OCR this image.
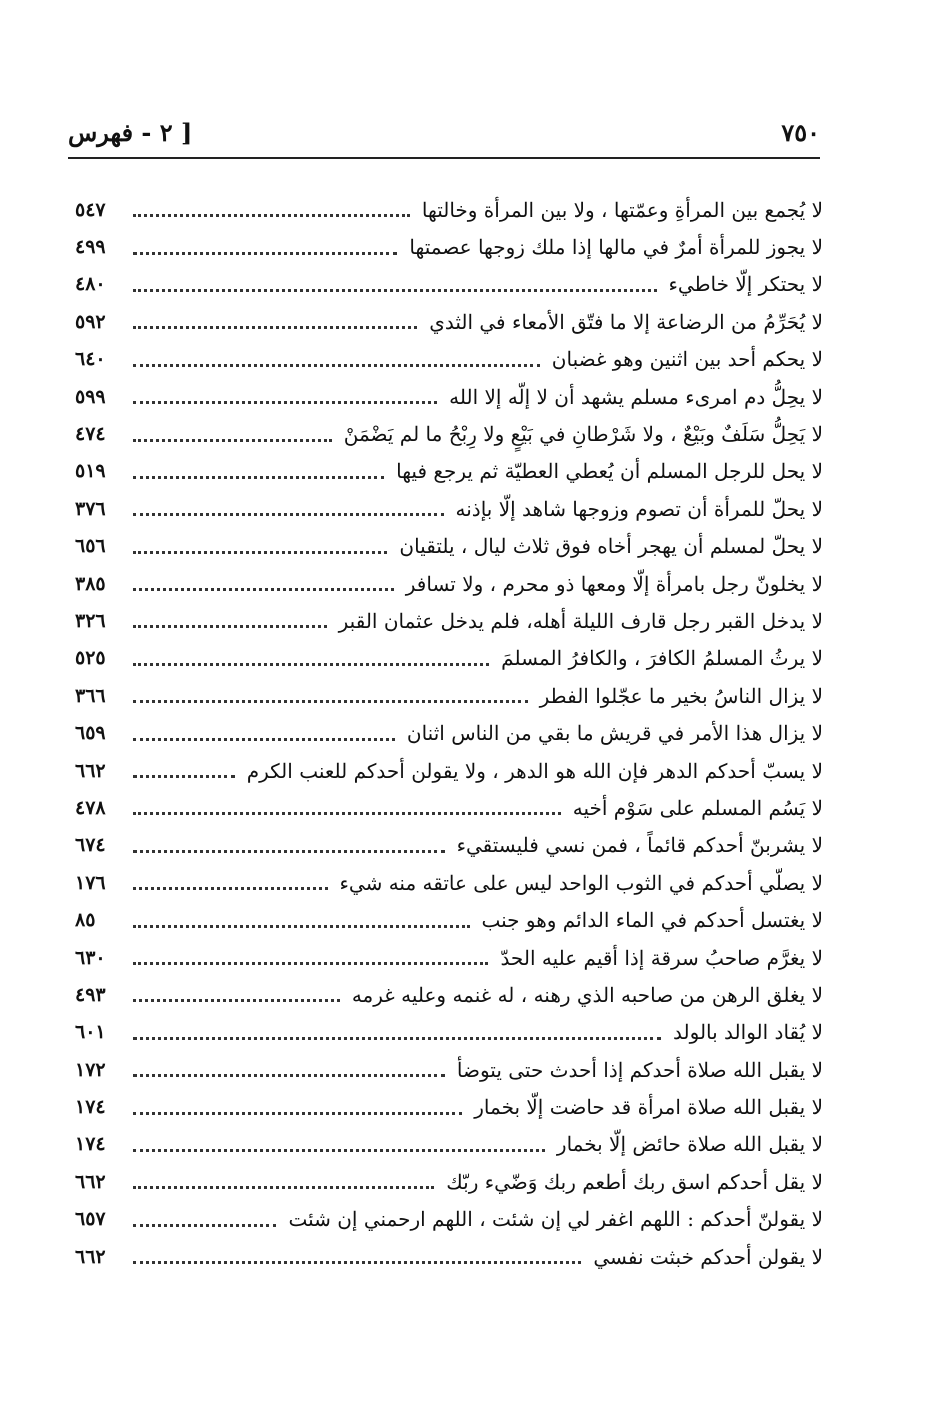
[ ٢ - فهرس	٧٥٠
لا يُجمع بين المرأةِ وعمّتها ، ولا بين المرأة وخالتها
٥٤٧
لا يجوز للمرأة أمرٌ في مالها إذا ملك زوجها عصمتها
٤٩٩
لا يحتكر إلّا خاطيء
٤٨٠
لا يُحَرِّمُ من الرضاعة إلا ما فتّق الأمعاء في الثدي
٥٩٢
لا يحكم أحد بين اثنين وهو غضبان
٦٤٠
لا يحِلُّ دم امرىء مسلم يشهد أن لا إلّه إلا الله
٥٩٩
لا يَحِلُّ سَلَفٌ وبَيْعٌ ، ولا شَرْطانِ في بَيْعٍ ولا رِبْحُ ما لم يَضْمَنْ
٤٧٤
لا يحل للرجل المسلم أن يُعطي العطيّة ثم يرجع فيها
٥١٩
لا يحلّ للمرأة أن تصوم وزوجها شاهد إلّا بإذنه
٣٧٦
لا يحلّ لمسلم أن يهجر أخاه فوق ثلاث ليال ، يلتقيان
٦٥٦
لا يخلونّ رجل بامرأة إلّا ومعها ذو محرم ، ولا تسافر
٣٨٥
لا يدخل القبر رجل قارف الليلة أهله، فلم يدخل عثمان القبر
٣٢٦
لا يرثُ المسلمُ الكافرَ ، والكافرُ المسلمَ
٥٢٥
لا يزال الناسُ بخير ما عجّلوا الفطر
٣٦٦
لا يزال هذا الأمر في قريش ما بقي من الناس اثنان
٦٥٩
لا يسبّ أحدكم الدهر فإن الله هو الدهر ، ولا يقولن أحدكم للعنب الكرم
٦٦٢
لا يَسُم المسلم على سَوْم أخيه
٤٧٨
لا يشربنّ أحدكم قائماً ، فمن نسي فليستقيء
٦٧٤
لا يصلّي أحدكم في الثوب الواحد ليس على عاتقه منه شيء
١٧٦
لا يغتسل أحدكم في الماء الدائم وهو جنب
٨٥
لا يغرَّم صاحبُ سرقة إذا أقيم عليه الحدّ
٦٣٠
لا يغلق الرهن من صاحبه الذي رهنه ، له غنمه وعليه غرمه
٤٩٣
لا يُقاد الوالد بالولد
٦٠١
لا يقبل الله صلاة أحدكم إذا أحدث حتى يتوضأ
١٧٢
لا يقبل الله صلاة امرأة قد حاضت إلّا بخمار
١٧٤
لا يقبل الله صلاة حائض إلّا بخمار
١٧٤
لا يقل أحدكم اسق ربك أطعم ربك وَضّيء ربّك
٦٦٢
لا يقولنّ أحدكم : اللهم اغفر لي إن شئت ، اللهم ارحمني إن شئت
٦٥٧
لا يقولن أحدكم خبثت نفسي
٦٦٢
